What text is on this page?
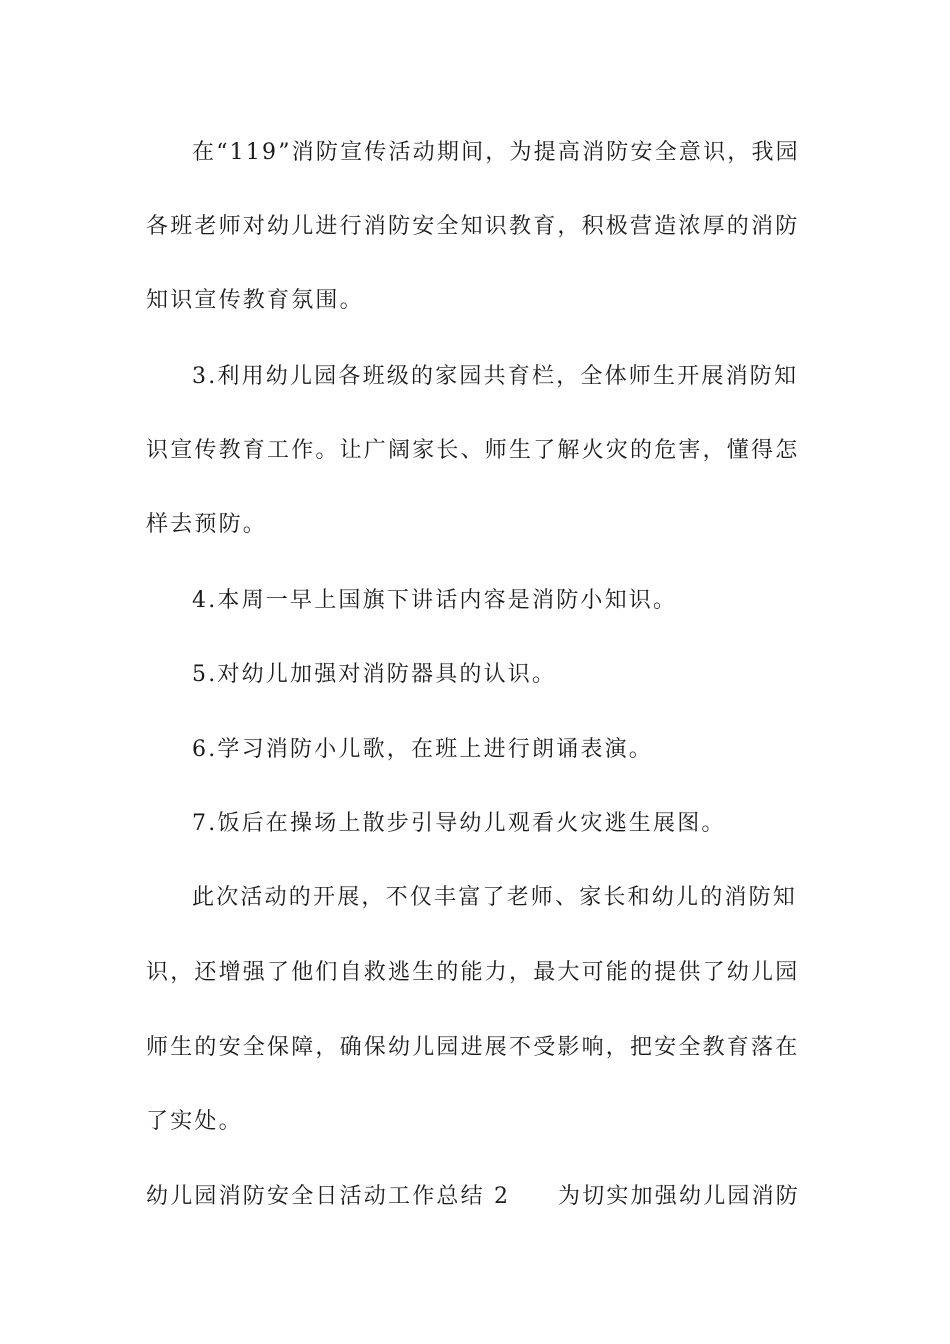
在“119”消防宣传活动期间，为提高消防安全意识，我园
各班老师对幼儿进行消防安全知识教育，积极营造浓厚的消防
知识宣传教育氛围。
3.利用幼儿园各班级的家园共育栏，全体师生开展消防知
识宣传教育工作。让广阔家长、师生了解火灾的危害，懂得怎
样去预防。
4.本周一早上国旗下讲话内容是消防小知识。
5.对幼儿加强对消防器具的认识。
6.学习消防小儿歌，在班上进行朗诵表演。
7.饭后在操场上散步引导幼儿观看火灾逃生展图。
此次活动的开展，不仅丰富了老师、家长和幼儿的消防知
识，还增强了他们自救逃生的能力，最大可能的提供了幼儿园
师生的安全保障，确保幼儿园进展不受影响，把安全教育落在
了实处。
幼儿园消防安全日活动工作总结 2 为切实加强幼儿园消防
